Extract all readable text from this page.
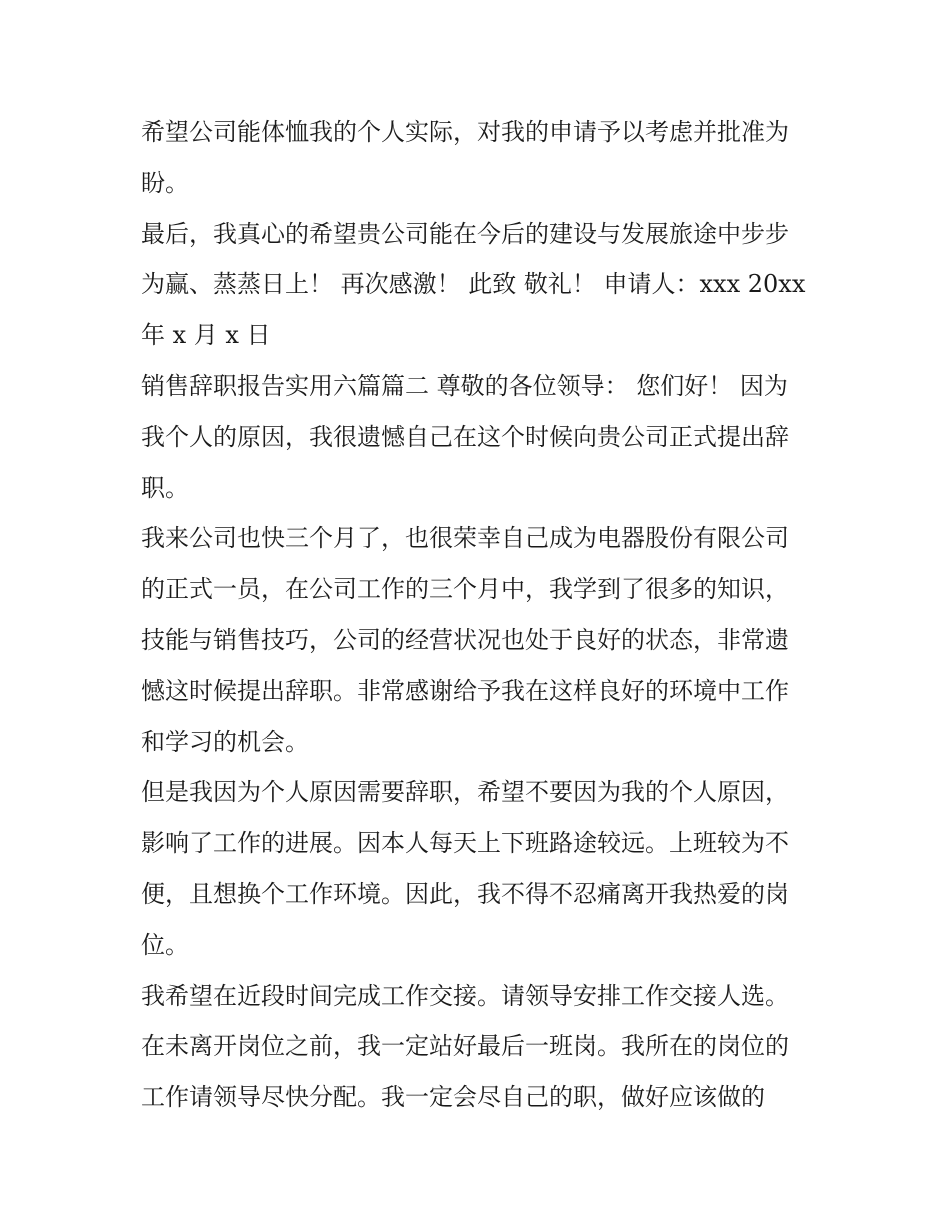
希望公司能体恤我的个人实际，对我的申请予以考虑并批准为
盼。
最后，我真心的希望贵公司能在今后的建设与发展旅途中步步
为赢、蒸蒸日上！ 再次感激！ 此致 敬礼！ 申请人：xxx 20xx
年 x 月 x 日
销售辞职报告实用六篇篇二 尊敬的各位领导： 您们好！ 因为
我个人的原因，我很遗憾自己在这个时候向贵公司正式提出辞
职。
我来公司也快三个月了，也很荣幸自己成为电器股份有限公司
的正式一员，在公司工作的三个月中，我学到了很多的知识，
技能与销售技巧，公司的经营状况也处于良好的状态，非常遗
憾这时候提出辞职。非常感谢给予我在这样良好的环境中工作
和学习的机会。
但是我因为个人原因需要辞职，希望不要因为我的个人原因，
影响了工作的进展。因本人每天上下班路途较远。上班较为不
便，且想换个工作环境。因此，我不得不忍痛离开我热爱的岗
位。
我希望在近段时间完成工作交接。请领导安排工作交接人选。
在未离开岗位之前，我一定站好最后一班岗。我所在的岗位的
工作请领导尽快分配。我一定会尽自己的职，做好应该做的
